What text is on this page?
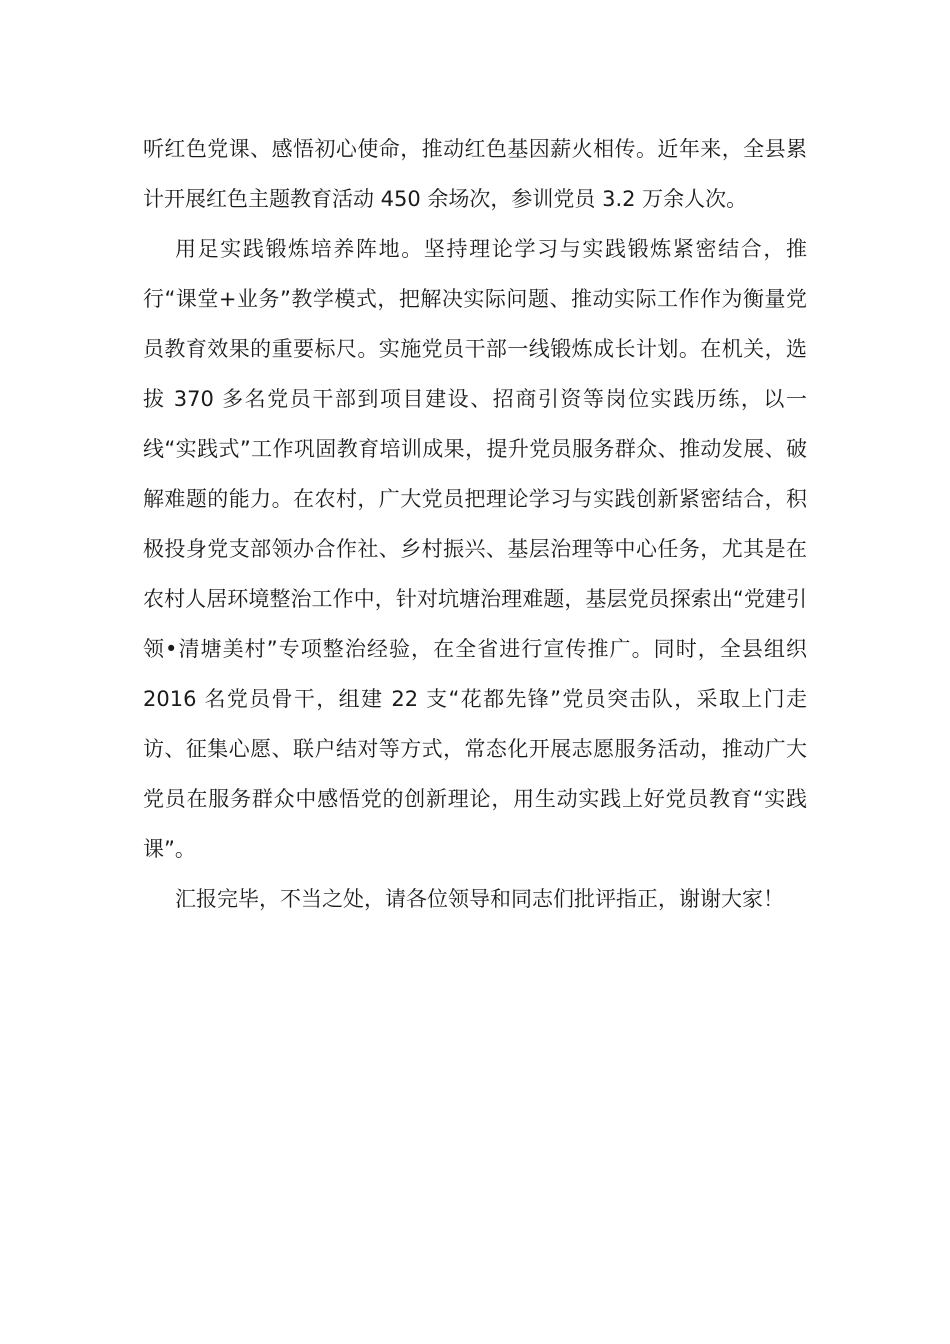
听红色党课、感悟初心使命，推动红色基因薪火相传。近年来，全县累计开展红色主题教育活动 450 余场次，参训党员 3.2 万余人次。

用足实践锻炼培养阵地。坚持理论学习与实践锻炼紧密结合，推行“课堂+业务”教学模式，把解决实际问题、推动实际工作作为衡量党员教育效果的重要标尺。实施党员干部一线锻炼成长计划。在机关，选拔 370 多名党员干部到项目建设、招商引资等岗位实践历练，以一线“实践式”工作巩固教育培训成果，提升党员服务群众、推动发展、破解难题的能力。在农村，广大党员把理论学习与实践创新紧密结合，积极投身党支部领办合作社、乡村振兴、基层治理等中心任务，尤其是在农村人居环境整治工作中，针对坑塘治理难题，基层党员探索出“党建引领•清塘美村”专项整治经验，在全省进行宣传推广。同时，全县组织 2016 名党员骨干，组建 22 支“花都先锋”党员突击队，采取上门走访、征集心愿、联户结对等方式，常态化开展志愿服务活动，推动广大党员在服务群众中感悟党的创新理论，用生动实践上好党员教育“实践课”。

汇报完毕，不当之处，请各位领导和同志们批评指正，谢谢大家！
